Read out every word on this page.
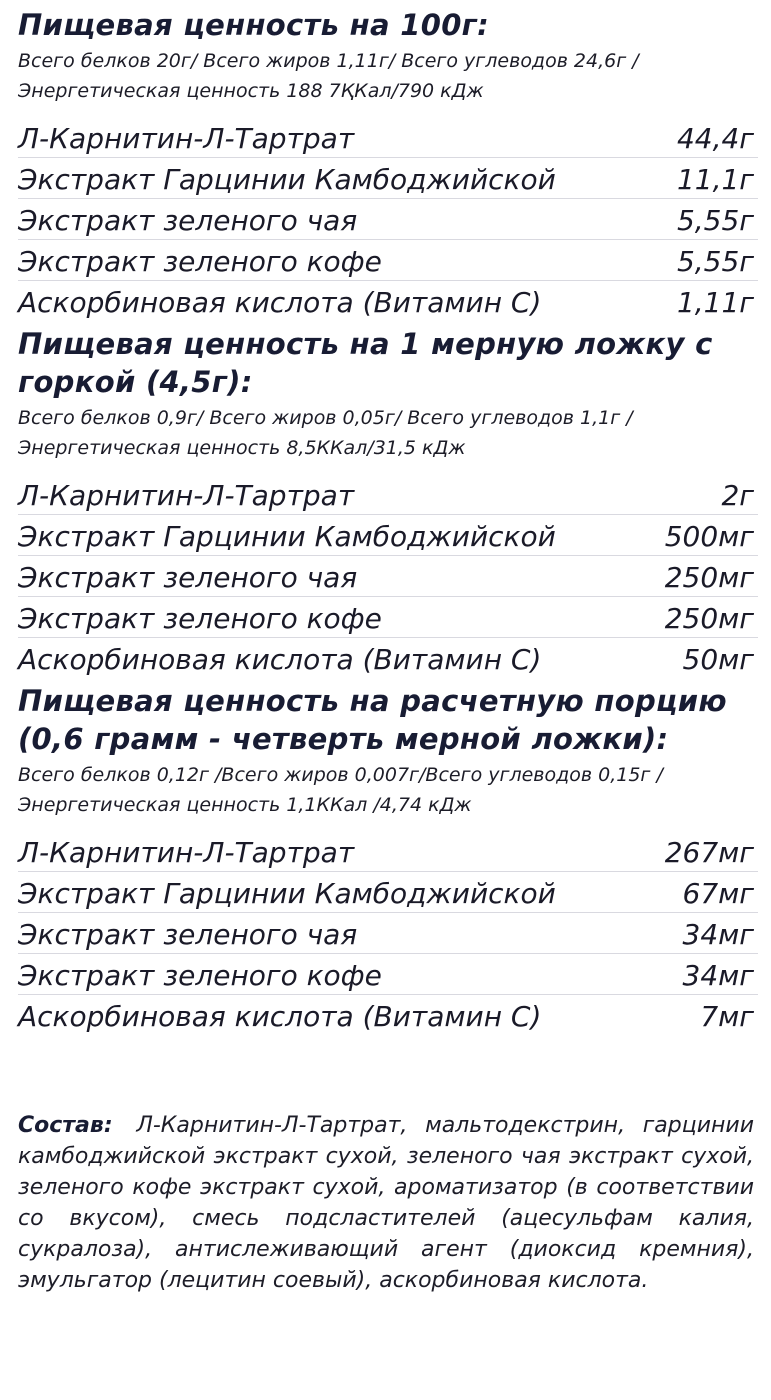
Пищевая ценность на 100г:
Всего белков 20г/ Всего жиров 1,11г/ Всего углеводов 24,6г /Энергетическая ценность 188 7ҚКал/790 кДж
Л-Карнитин-Л-Тартрат	44,4г
Экстракт Гарцинии Камбоджийской	11,1г
Экстракт зеленого чая	5,55г
Экстракт зеленого кофе	5,55г
Аскорбиновая кислота (Витамин С)	1,11г
Пищевая ценность на 1 мерную ложку с горкой (4,5г):
Всего белков 0,9г/ Всего жиров 0,05г/ Всего углеводов 1,1г /Энергетическая ценность 8,5ККал/31,5 кДж
Л-Карнитин-Л-Тартрат	2г
Экстракт Гарцинии Камбоджийской	500мг
Экстракт зеленого чая	250мг
Экстракт зеленого кофе	250мг
Аскорбиновая кислота (Витамин С)	50мг
Пищевая ценность на расчетную порцию (0,6 грамм - четверть мерной ложки):
Всего белков 0,12г /Всего жиров 0,007г/Всего углеводов 0,15г /Энергетическая ценность 1,1ККал /4,74 кДж
Л-Карнитин-Л-Тартрат	267мг
Экстракт Гарцинии Камбоджийской	67мг
Экстракт зеленого чая	34мг
Экстракт зеленого кофе	34мг
Аскорбиновая кислота (Витамин С)	7мг
Состав: Л-Карнитин-Л-Тартрат, мальтодекстрин, гарцинии камбоджийской экстракт сухой, зеленого чая экстракт сухой, зеленого кофе экстракт сухой, ароматизатор (в соответствии со вкусом), смесь подсластителей (ацесульфам калия, сукралоза), антислеживающий агент (диоксид кремния), эмульгатор (лецитин соевый), аскорбиновая кислота.
